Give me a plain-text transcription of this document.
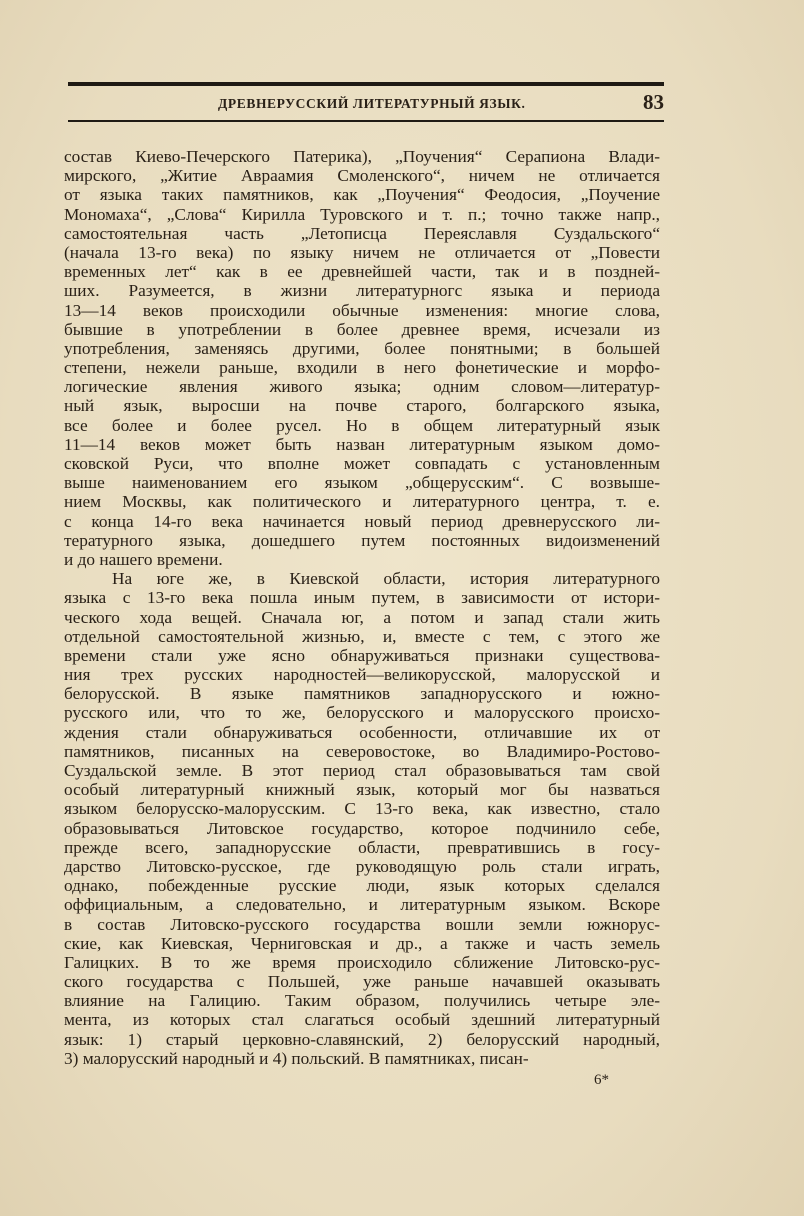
ДРЕВНЕРУССКИЙ ЛИТЕРАТУРНЫЙ ЯЗЫК.	83
состав Киево-Печерского Патерика), „Поучения“ Серапиона Влади-
мирского, „Житие Авраамия Смоленского“, ничем не отличается
от языка таких памятников, как „Поучения“ Феодосия, „Поучение
Мономаха“, „Слова“ Кирилла Туровского и т. п.; точно также напр.,
самостоятельная часть „Летописца Переяславля Суздальского“
(начала 13-го века) по языку ничем не отличается от „Повести
временных лет“ как в ее древнейшей части, так и в поздней-
ших. Разумеется, в жизни литературногс языка и периода
13—14 веков происходили обычные изменения: многие слова,
бывшие в употреблении в более древнее время, исчезали из
употребления, заменяясь другими, более понятными; в большей
степени, нежели раньше, входили в него фонетические и морфо-
логические явления живого языка; одним словом—литератур-
ный язык, выросши на почве старого, болгарского языка,
все более и более русел. Но в общем литературный язык
11—14 веков может быть назван литературным языком домо-
сковской Руси, что вполне может совпадать с установленным
выше наименованием его языком „общерусским“. С возвыше-
нием Москвы, как политического и литературного центра, т. е.
с конца 14-го века начинается новый период древнерусского ли-
тературного языка, дошедшего путем постоянных видоизменений
и до нашего времени.
На юге же, в Киевской области, история литературного
языка с 13-го века пошла иным путем, в зависимости от истори-
ческого хода вещей. Сначала юг, а потом и запад стали жить
отдельной самостоятельной жизнью, и, вместе с тем, с этого же
времени стали уже ясно обнаруживаться признаки существова-
ния трех русских народностей—великорусской, малорусской и
белорусской. В языке памятников западнорусского и южно-
русского или, что то же, белорусского и малорусского происхо-
ждения стали обнаруживаться особенности, отличавшие их от
памятников, писанных на северовостоке, во Владимиро-Ростово-
Суздальской земле. В этот период стал образовываться там свой
особый литературный книжный язык, который мог бы назваться
языком белорусско-малорусским. С 13-го века, как известно, стало
образовываться Литовское государство, которое подчинило себе,
прежде всего, западнорусские области, превратившись в госу-
дарство Литовско-русское, где руководящую роль стали играть,
однако, побежденные русские люди, язык которых сделался
оффициальным, а следовательно, и литературным языком. Вскоре
в состав Литовско-русского государства вошли земли южнорус-
ские, как Киевская, Черниговская и др., а также и часть земель
Галицких. В то же время происходило сближение Литовско-рус-
ского государства с Польшей, уже раньше начавшей оказывать
влияние на Галицию. Таким образом, получились четыре эле-
мента, из которых стал слагаться особый здешний литературный
язык: 1) старый церковно-славянский, 2) белорусский народный,
3) малорусский народный и 4) польский. В памятниках, писан-
6*
